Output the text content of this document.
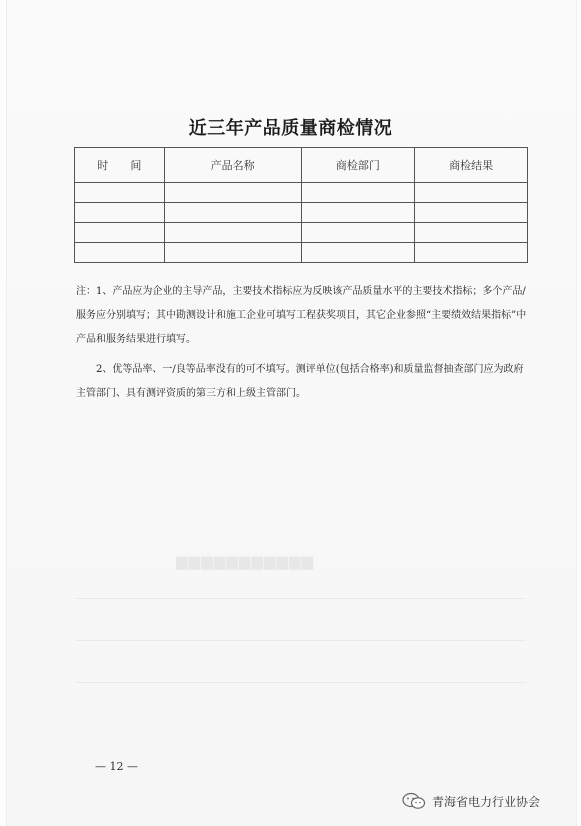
▆▆▆▆▆▆▆▆▆▆▆
近三年产品质量商检情况
时　　间	产品名称	商检部门	商检结果

注：1、产品应为企业的主导产品，主要技术指标应为反映该产品质量水平的主要技术指标；多个产品/服务应分别填写；其中勘测设计和施工企业可填写工程获奖项目，其它企业参照“主要绩效结果指标”中产品和服务结果进行填写。

2、优等品率、一/良等品率没有的可不填写。测评单位(包括合格率)和质量监督抽查部门应为政府主管部门、具有测评资质的第三方和上级主管部门。

— 12 —
青海省电力行业协会
